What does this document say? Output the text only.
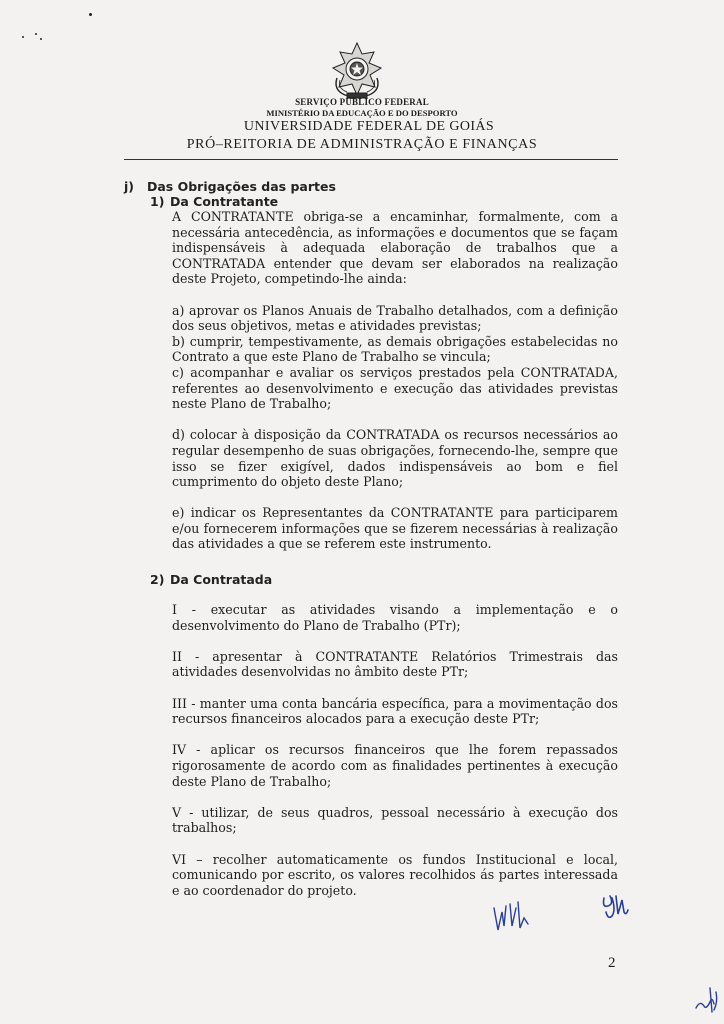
SERVIÇO PÚBLICO FEDERAL
MINISTÉRIO DA EDUCAÇÃO E DO DESPORTO
UNIVERSIDADE FEDERAL DE GOIÁS
PRÓ–REITORIA DE ADMINISTRAÇÃO E FINANÇAS
j) Das Obrigações das partes
1) Da Contratante

A CONTRATANTE obriga-se a encaminhar, formalmente, com a necessária antecedência, as informações e documentos que se façam indispensáveis à adequada elaboração de trabalhos que a CONTRATADA entender que devam ser elaborados na realização deste Projeto, competindo-lhe ainda:

a) aprovar os Planos Anuais de Trabalho detalhados, com a definição dos seus objetivos, metas e atividades previstas;

b) cumprir, tempestivamente, as demais obrigações estabelecidas no Contrato a que este Plano de Trabalho se vincula;

c) acompanhar e avaliar os serviços prestados pela CONTRATADA, referentes ao desenvolvimento e execução das atividades previstas neste Plano de Trabalho;

d) colocar à disposição da CONTRATADA os recursos necessários ao regular desempenho de suas obrigações, fornecendo-lhe, sempre que isso se fizer exigível, dados indispensáveis ao bom e fiel cumprimento do objeto deste Plano;

e) indicar os Representantes da CONTRATANTE para participarem e/ou fornecerem informações que se fizerem necessárias à realização das atividades a que se referem este instrumento.

2) Da Contratada

I - executar as atividades visando a implementação e o desenvolvimento do Plano de Trabalho (PTr);

II - apresentar à CONTRATANTE Relatórios Trimestrais das atividades desenvolvidas no âmbito deste PTr;

III - manter uma conta bancária específica, para a movimentação dos recursos financeiros alocados para a execução deste PTr;

IV - aplicar os recursos financeiros que lhe forem repassados rigorosamente de acordo com as finalidades pertinentes à execução deste Plano de Trabalho;

V - utilizar, de seus quadros, pessoal necessário à execução dos trabalhos;

VI – recolher automaticamente os fundos Institucional e local, comunicando por escrito, os valores recolhidos ás partes interessada e ao coordenador do projeto.

2
